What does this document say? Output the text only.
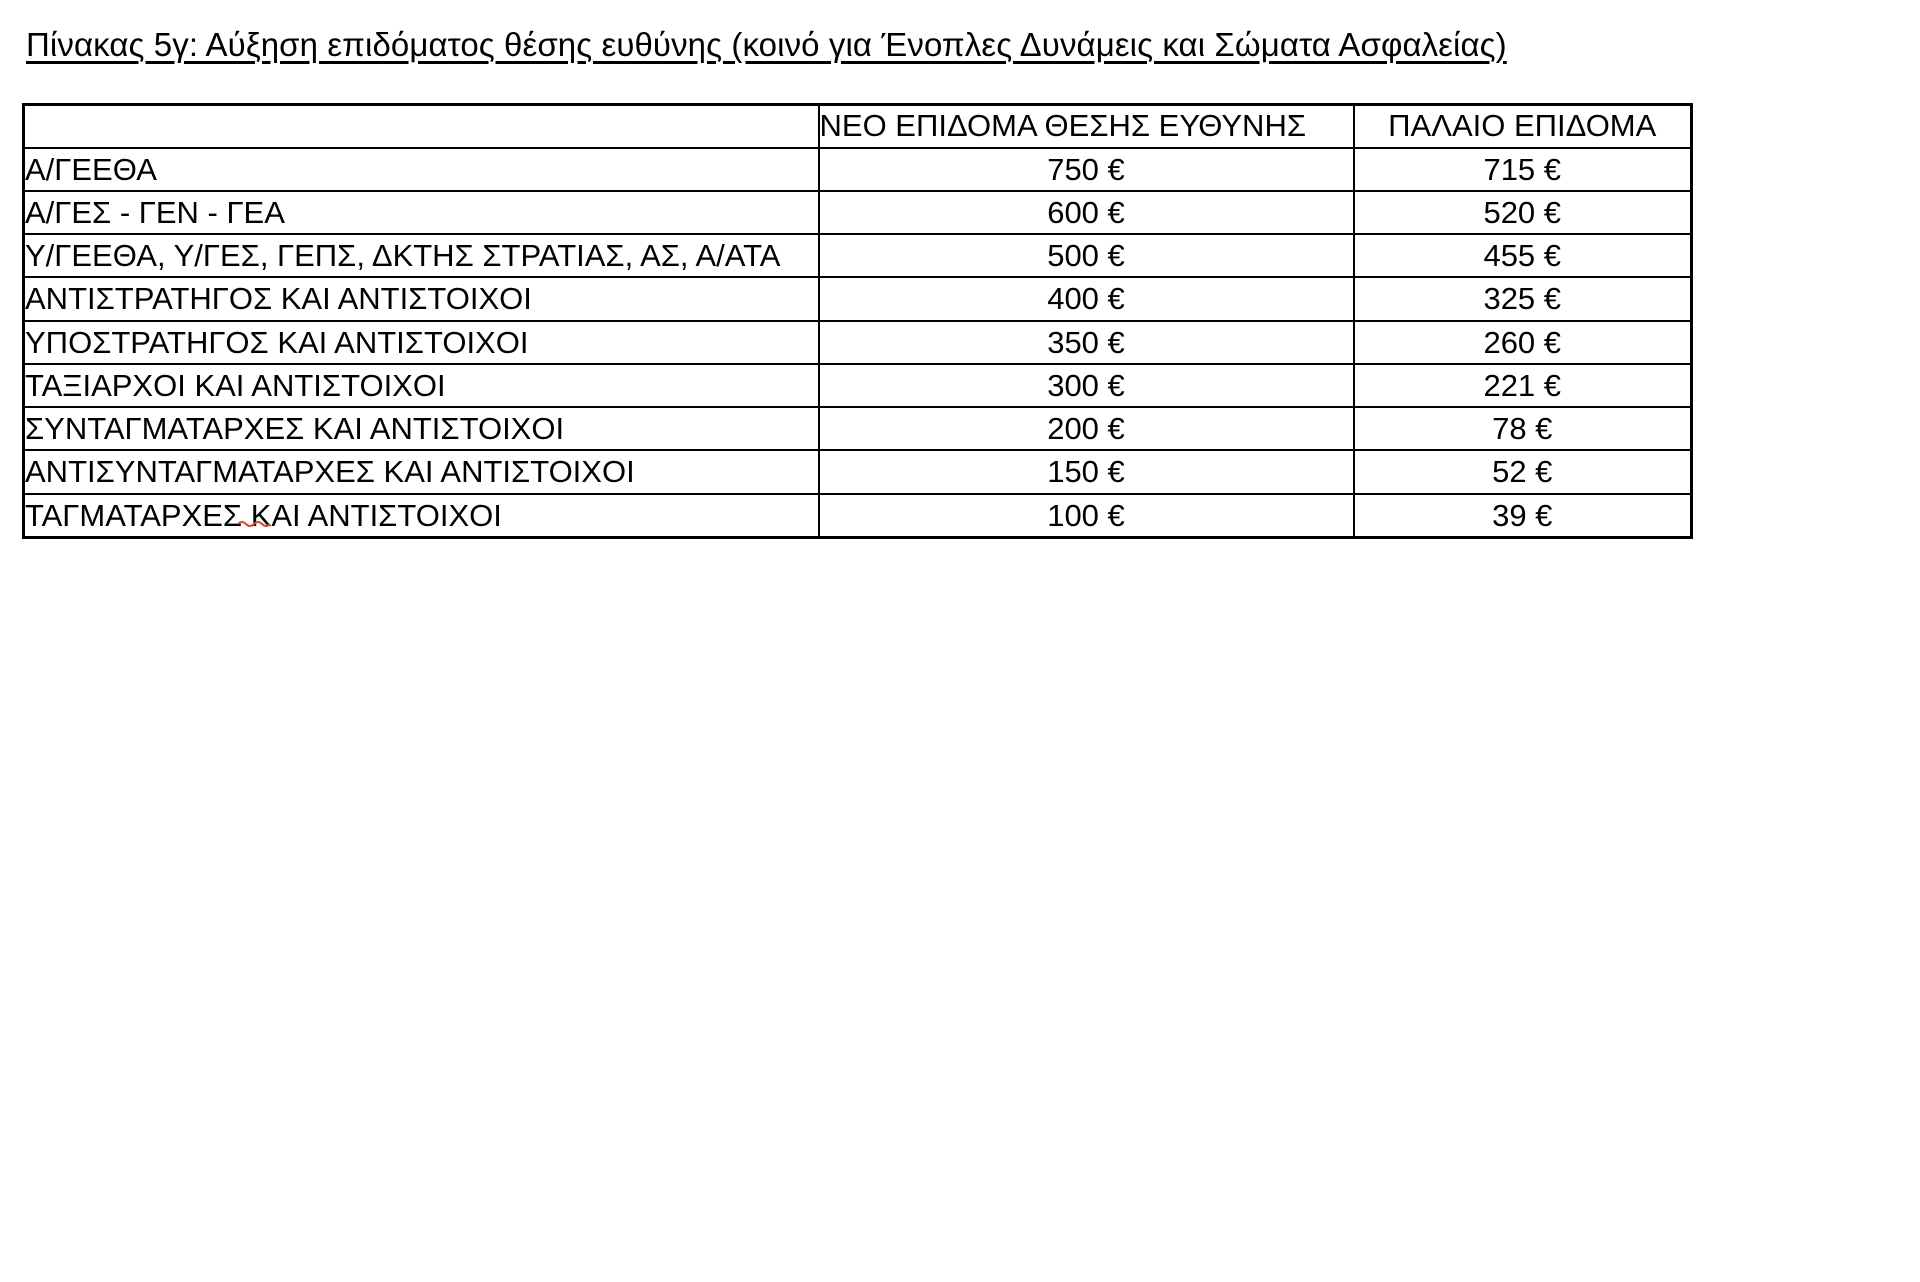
Πίνακας 5γ: Αύξηση επιδόματος θέσης ευθύνης (κοινό για Ένοπλες Δυνάμεις και Σώματα Ασφαλείας)
	ΝΕΟ ΕΠΙΔΟΜΑ ΘΕΣΗΣ ΕΥΘΥΝΗΣ	ΠΑΛΑΙΟ ΕΠΙΔΟΜΑ
Α/ΓΕΕΘΑ	750 €	715 €
Α/ΓΕΣ - ΓΕΝ - ΓΕΑ	600 €	520 €
Υ/ΓΕΕΘΑ, Υ/ΓΕΣ, ΓΕΠΣ, ΔΚΤΗΣ ΣΤΡΑΤΙΑΣ, ΑΣ, Α/ΑΤΑ	500 €	455 €
ΑΝΤΙΣΤΡΑΤΗΓΟΣ ΚΑΙ ΑΝΤΙΣΤΟΙΧΟΙ	400 €	325 €
ΥΠΟΣΤΡΑΤΗΓΟΣ ΚΑΙ ΑΝΤΙΣΤΟΙΧΟΙ	350 €	260 €
ΤΑΞΙΑΡΧΟΙ ΚΑΙ ΑΝΤΙΣΤΟΙΧΟΙ	300 €	221 €
ΣΥΝΤΑΓΜΑΤΑΡΧΕΣ ΚΑΙ ΑΝΤΙΣΤΟΙΧΟΙ	200 €	78 €
ΑΝΤΙΣΥΝΤΑΓΜΑΤΑΡΧΕΣ ΚΑΙ ΑΝΤΙΣΤΟΙΧΟΙ	150 €	52 €
ΤΑΓΜΑΤΑΡΧΕΣ ΚΑΙ ΑΝΤΙΣΤΟΙΧΟΙ	100 €	39 €
